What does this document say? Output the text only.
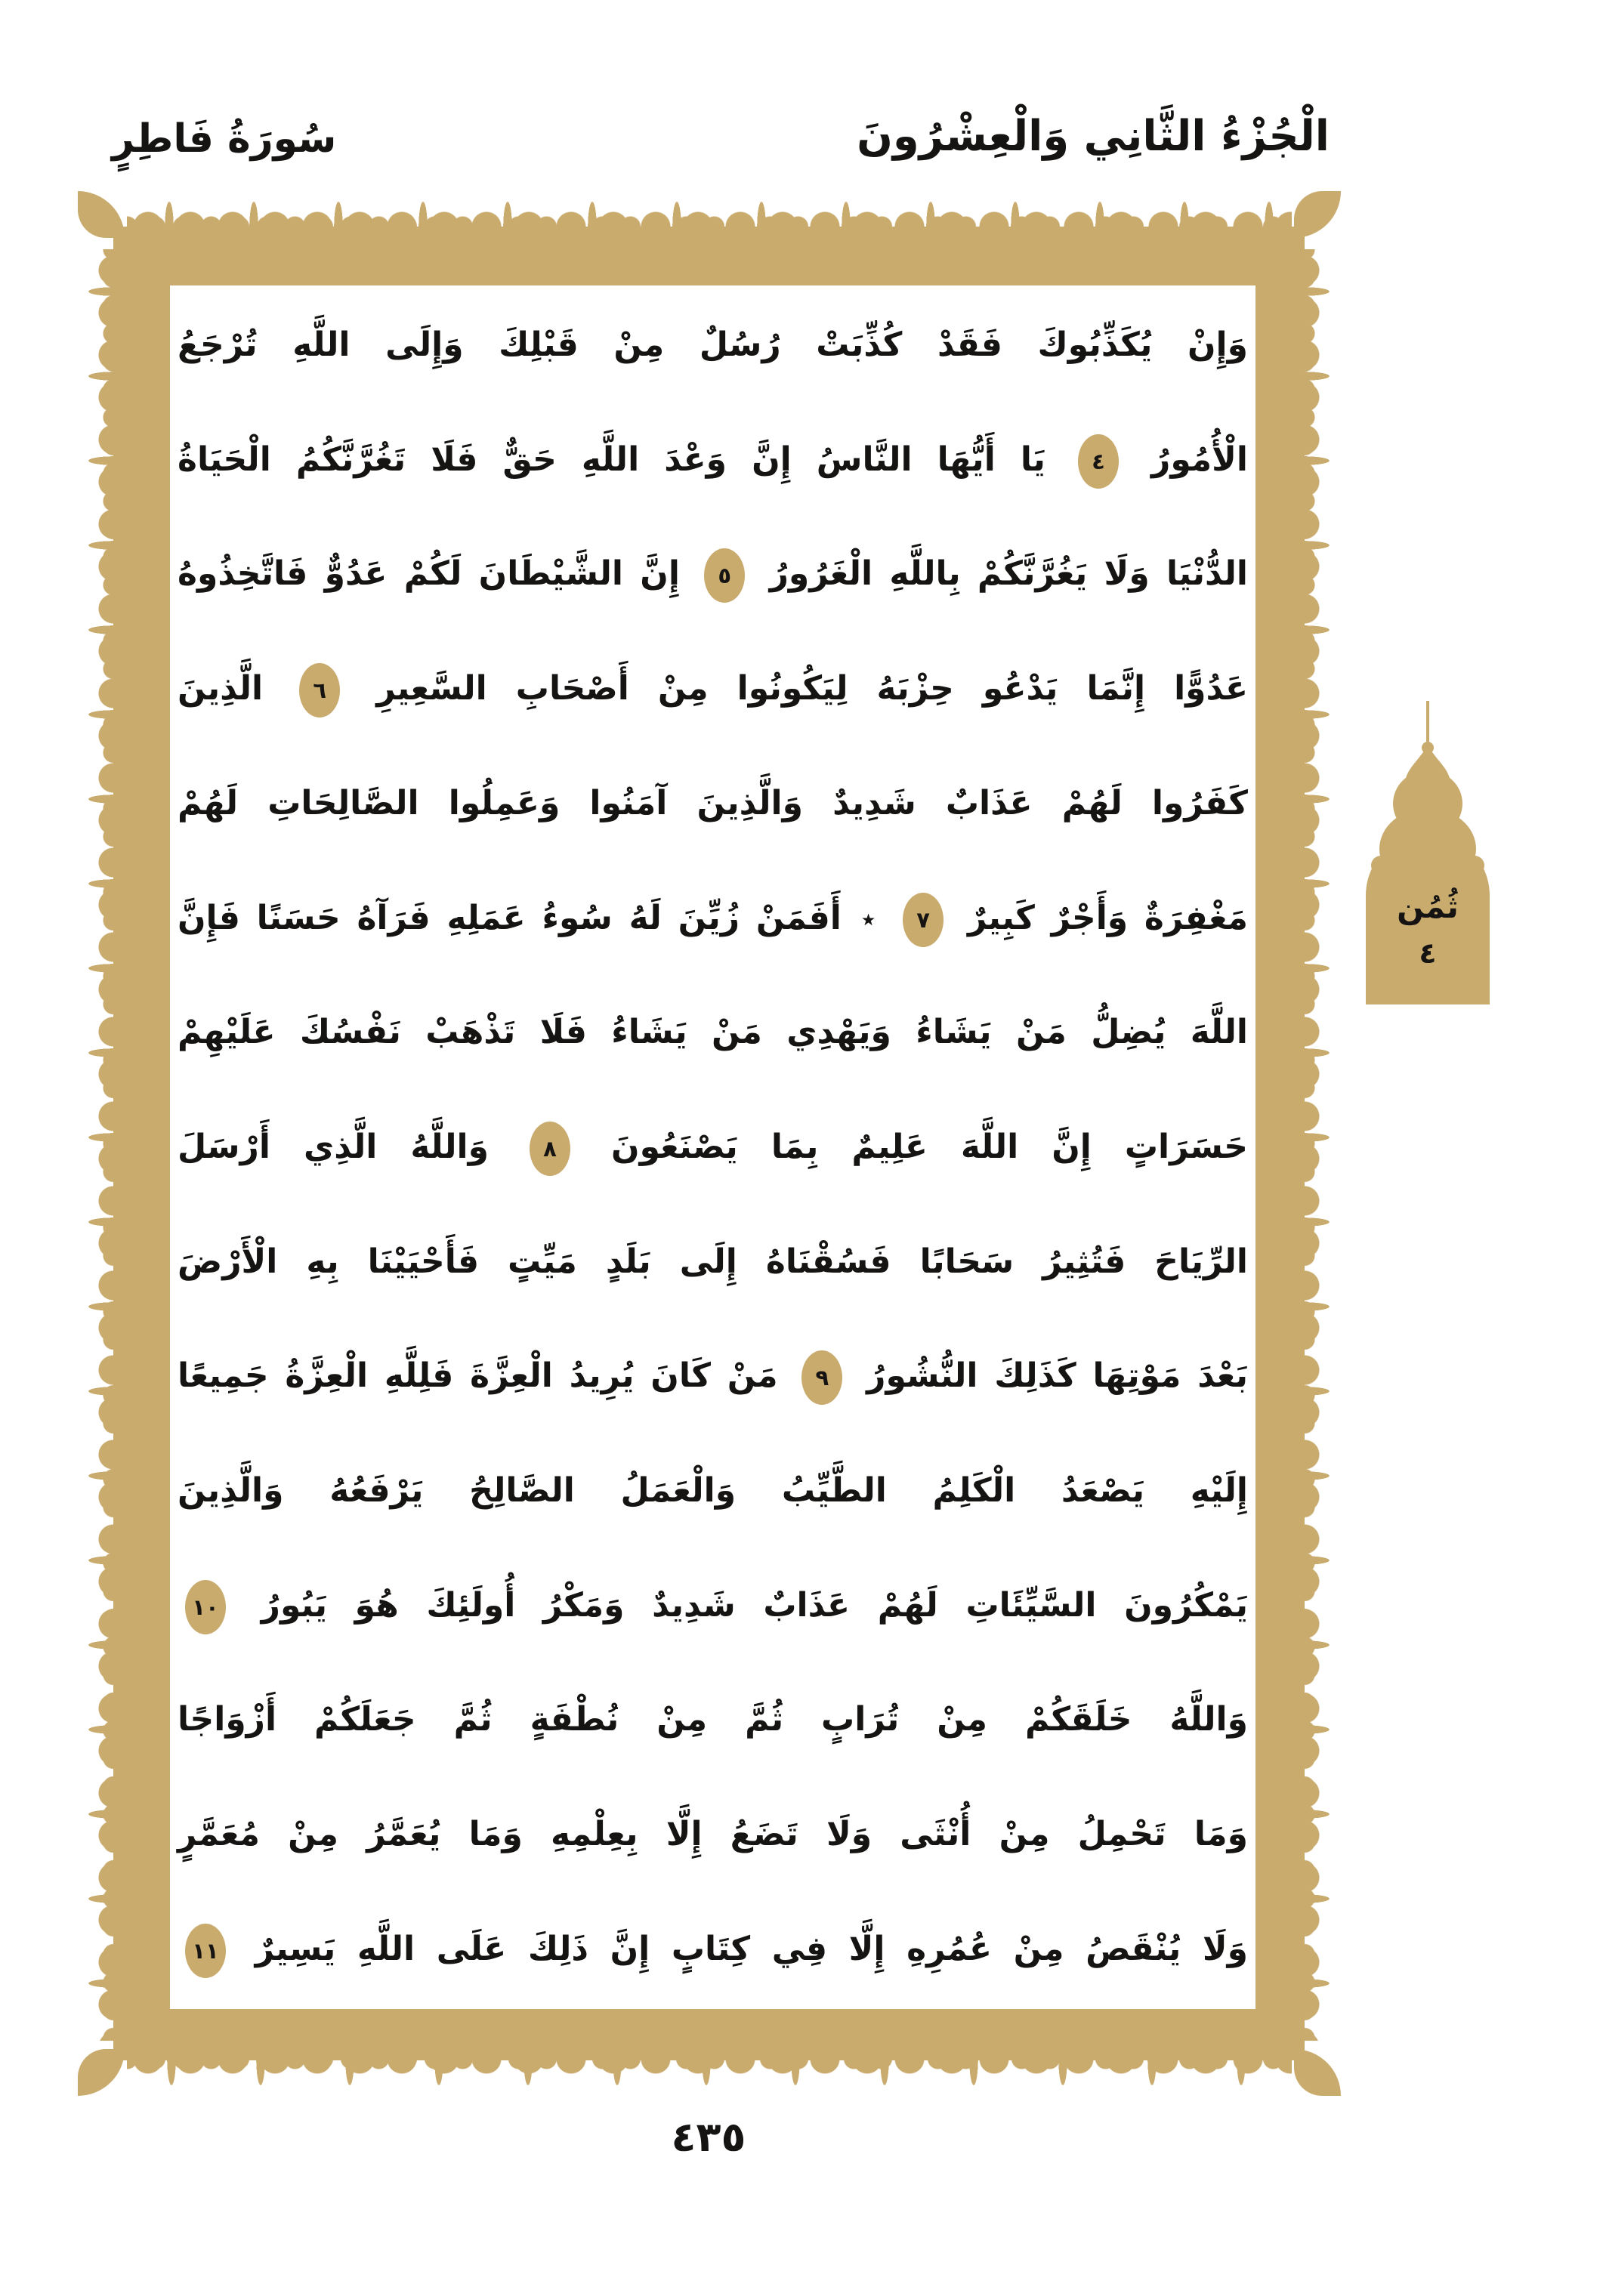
الْجُزْءُ الثَّانِي وَالْعِشْرُونَ
سُورَةُ فَاطِرٍ
وَإِنْ يُكَذِّبُوكَ فَقَدْ كُذِّبَتْ رُسُلٌ مِنْ قَبْلِكَ وَإِلَى اللَّهِ تُرْجَعُ
الْأُمُورُ ٤ يَا أَيُّهَا النَّاسُ إِنَّ وَعْدَ اللَّهِ حَقٌّ فَلَا تَغُرَّنَّكُمُ الْحَيَاةُ
الدُّنْيَا وَلَا يَغُرَّنَّكُمْ بِاللَّهِ الْغَرُورُ ٥ إِنَّ الشَّيْطَانَ لَكُمْ عَدُوٌّ فَاتَّخِذُوهُ
عَدُوًّا إِنَّمَا يَدْعُو حِزْبَهُ لِيَكُونُوا مِنْ أَصْحَابِ السَّعِيرِ ٦ الَّذِينَ
كَفَرُوا لَهُمْ عَذَابٌ شَدِيدٌ وَالَّذِينَ آمَنُوا وَعَمِلُوا الصَّالِحَاتِ لَهُمْ
مَغْفِرَةٌ وَأَجْرٌ كَبِيرٌ ٧ ٭ أَفَمَنْ زُيِّنَ لَهُ سُوءُ عَمَلِهِ فَرَآهُ حَسَنًا فَإِنَّ
اللَّهَ يُضِلُّ مَنْ يَشَاءُ وَيَهْدِي مَنْ يَشَاءُ فَلَا تَذْهَبْ نَفْسُكَ عَلَيْهِمْ
حَسَرَاتٍ إِنَّ اللَّهَ عَلِيمٌ بِمَا يَصْنَعُونَ ٨ وَاللَّهُ الَّذِي أَرْسَلَ
الرِّيَاحَ فَتُثِيرُ سَحَابًا فَسُقْنَاهُ إِلَى بَلَدٍ مَيِّتٍ فَأَحْيَيْنَا بِهِ الْأَرْضَ
بَعْدَ مَوْتِهَا كَذَلِكَ النُّشُورُ ٩ مَنْ كَانَ يُرِيدُ الْعِزَّةَ فَلِلَّهِ الْعِزَّةُ جَمِيعًا
إِلَيْهِ يَصْعَدُ الْكَلِمُ الطَّيِّبُ وَالْعَمَلُ الصَّالِحُ يَرْفَعُهُ وَالَّذِينَ
يَمْكُرُونَ السَّيِّئَاتِ لَهُمْ عَذَابٌ شَدِيدٌ وَمَكْرُ أُولَئِكَ هُوَ يَبُورُ ١٠
وَاللَّهُ خَلَقَكُمْ مِنْ تُرَابٍ ثُمَّ مِنْ نُطْفَةٍ ثُمَّ جَعَلَكُمْ أَزْوَاجًا
وَمَا تَحْمِلُ مِنْ أُنْثَى وَلَا تَضَعُ إِلَّا بِعِلْمِهِ وَمَا يُعَمَّرُ مِنْ مُعَمَّرٍ
وَلَا يُنْقَصُ مِنْ عُمُرِهِ إِلَّا فِي كِتَابٍ إِنَّ ذَلِكَ عَلَى اللَّهِ يَسِيرٌ ١١
ثُمُن
٤
٤٣٥
